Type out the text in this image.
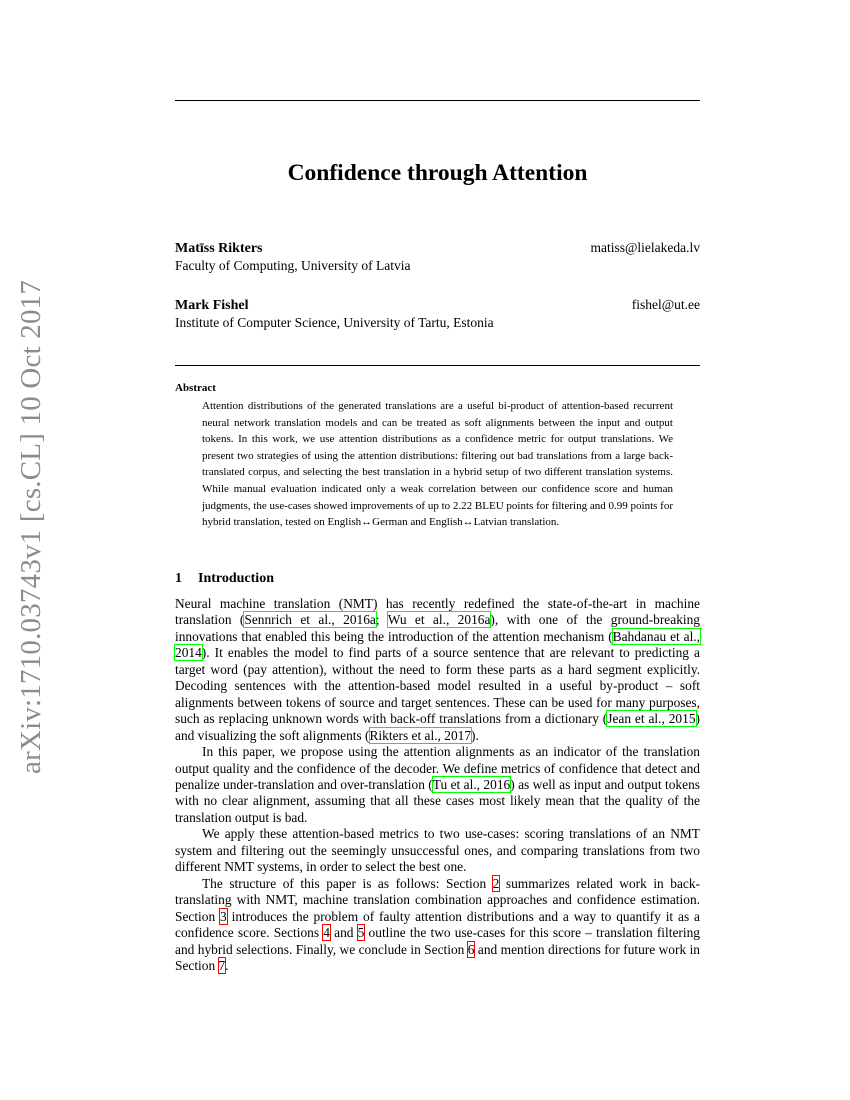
arXiv:1710.03743v1 [cs.CL] 10 Oct 2017
Confidence through Attention
Matīss Rikters	matiss@lielakeda.lv
Faculty of Computing, University of Latvia
Mark Fishel	fishel@ut.ee
Institute of Computer Science, University of Tartu, Estonia
Abstract

Attention distributions of the generated translations are a useful bi-product of attention-based recurrent neural network translation models and can be treated as soft alignments between the input and output tokens. In this work, we use attention distributions as a confidence metric for output translations. We present two strategies of using the attention distributions: filtering out bad translations from a large back-translated corpus, and selecting the best translation in a hybrid setup of two different translation systems. While manual evaluation indicated only a weak correlation between our confidence score and human judgments, the use-cases showed improvements of up to 2.22 BLEU points for filtering and 0.99 points for hybrid translation, tested on English↔German and English↔Latvian translation.

1 Introduction

Neural machine translation (NMT) has recently redefined the state-of-the-art in machine translation (Sennrich et al., 2016a; Wu et al., 2016a), with one of the ground-breaking innovations that enabled this being the introduction of the attention mechanism (Bahdanau et al., 2014). It enables the model to find parts of a source sentence that are relevant to predicting a target word (pay attention), without the need to form these parts as a hard segment explicitly. Decoding sentences with the attention-based model resulted in a useful by-product – soft alignments between tokens of source and target sentences. These can be used for many purposes, such as replacing unknown words with back-off translations from a dictionary (Jean et al., 2015) and visualizing the soft alignments (Rikters et al., 2017).

In this paper, we propose using the attention alignments as an indicator of the translation output quality and the confidence of the decoder. We define metrics of confidence that detect and penalize under-translation and over-translation (Tu et al., 2016) as well as input and output tokens with no clear alignment, assuming that all these cases most likely mean that the quality of the translation output is bad.

We apply these attention-based metrics to two use-cases: scoring translations of an NMT system and filtering out the seemingly unsuccessful ones, and comparing translations from two different NMT systems, in order to select the best one.

The structure of this paper is as follows: Section 2 summarizes related work in back-translating with NMT, machine translation combination approaches and confidence estimation. Section 3 introduces the problem of faulty attention distributions and a way to quantify it as a confidence score. Sections 4 and 5 outline the two use-cases for this score – translation filtering and hybrid selections. Finally, we conclude in Section 6 and mention directions for future work in Section 7.
